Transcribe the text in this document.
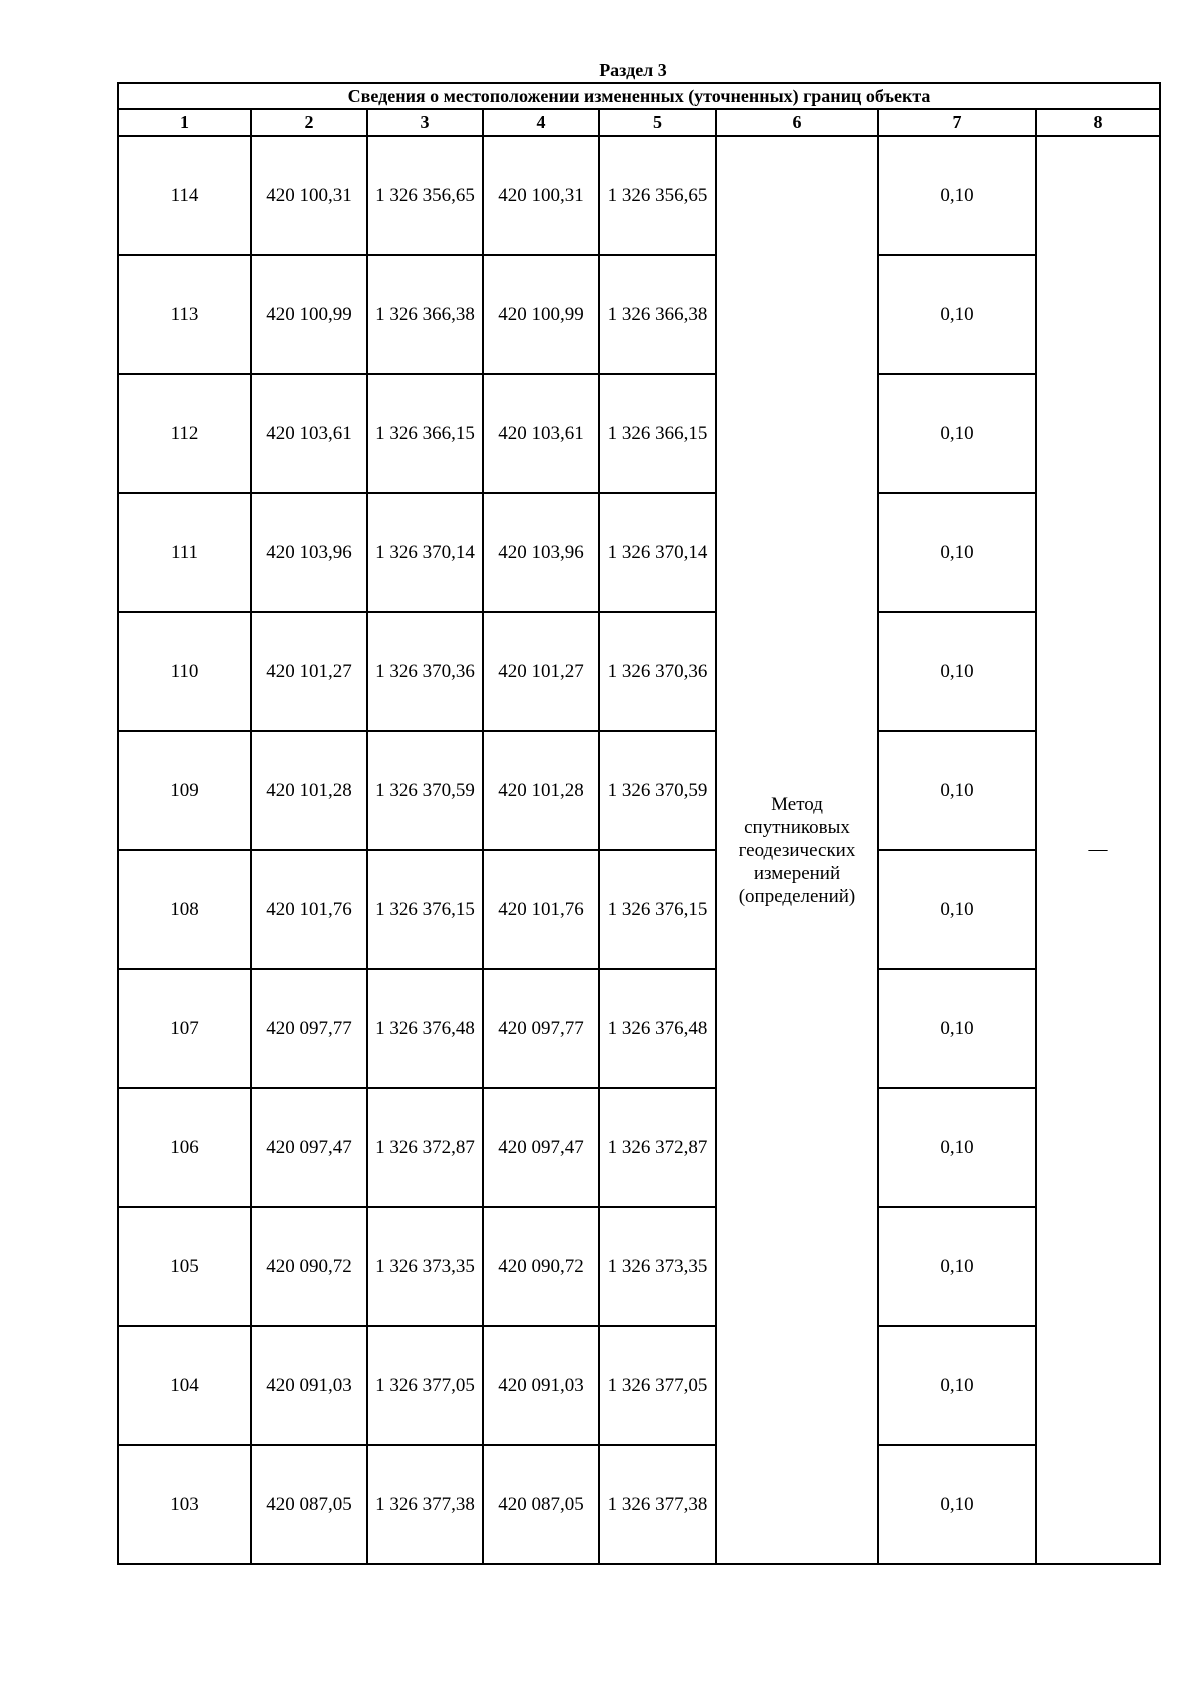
Раздел 3
Сведения о местоположении измененных (уточненных) границ объекта							
1	2	3	4	5	6	7	8
114	420 100,31	1 326 356,65	420 100,31	1 326 356,65	Метод
спутниковых
геодезических
измерений
(определений)	0,10	—
113	420 100,99	1 326 366,38	420 100,99	1 326 366,38		0,10	
112	420 103,61	1 326 366,15	420 103,61	1 326 366,15		0,10	
111	420 103,96	1 326 370,14	420 103,96	1 326 370,14		0,10	
110	420 101,27	1 326 370,36	420 101,27	1 326 370,36		0,10	
109	420 101,28	1 326 370,59	420 101,28	1 326 370,59		0,10	
108	420 101,76	1 326 376,15	420 101,76	1 326 376,15		0,10	
107	420 097,77	1 326 376,48	420 097,77	1 326 376,48		0,10	
106	420 097,47	1 326 372,87	420 097,47	1 326 372,87		0,10	
105	420 090,72	1 326 373,35	420 090,72	1 326 373,35		0,10	
104	420 091,03	1 326 377,05	420 091,03	1 326 377,05		0,10	
103	420 087,05	1 326 377,38	420 087,05	1 326 377,38		0,10	
